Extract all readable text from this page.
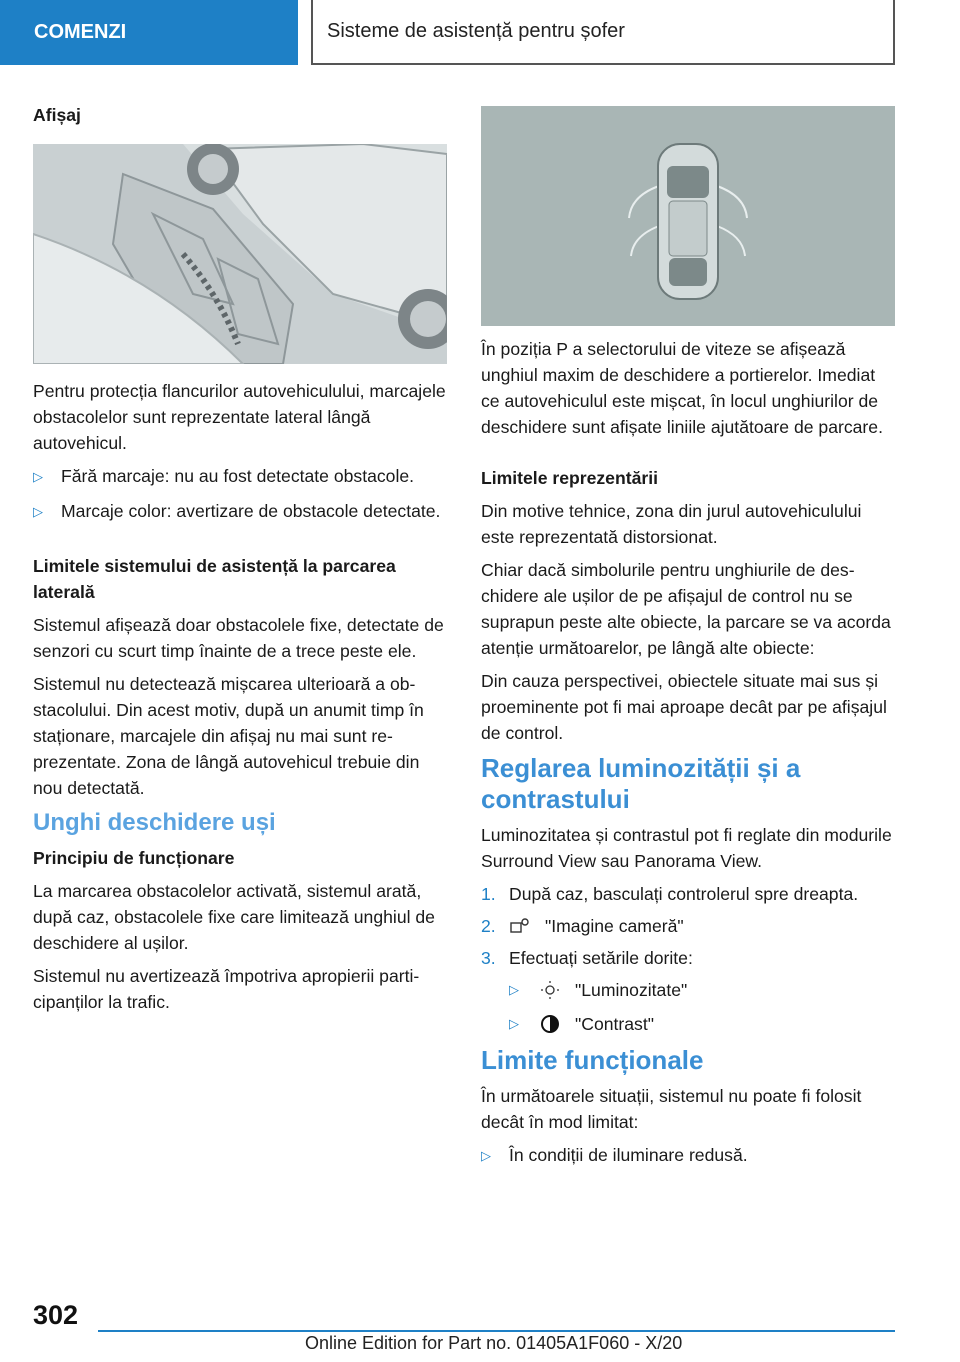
COMENZI	Sisteme de asistență pentru șofer

Afișaj

Pentru protecția flancurilor autovehiculului, marcajele obstacolelor sunt reprezentate lateral lângă autovehicul.

▷	Fără marcaje: nu au fost detectate obstacole.
▷	Marcaje color: avertizare de obstacole detectate.

Limitele sistemului de asistență la parcarea laterală

Sistemul afișează doar obstacolele fixe, detectate de senzori cu scurt timp înainte de a trece peste ele.

Sistemul nu detectează mișcarea ulterioară a obstacolului. Din acest motiv, după un anumit timp în staționare, marcajele din afișaj nu mai sunt reprezentate. Zona de lângă autovehicul trebuie din nou detectată.

Unghi deschidere uși

Principiu de funcționare

La marcarea obstacolelor activată, sistemul arată, după caz, obstacolele fixe care limitează unghiul de deschidere al ușilor.

Sistemul nu avertizează împotriva apropierii participanților la trafic.

În poziția P a selectorului de viteze se afișează unghiul maxim de deschidere a portierelor. Imediat ce autovehiculul este mișcat, în locul unghiurilor de deschidere sunt afișate liniile ajutătoare de parcare.

Limitele reprezentării

Din motive tehnice, zona din jurul autovehiculului este reprezentată distorsionat.

Chiar dacă simbolurile pentru unghiurile de deschidere ale ușilor de pe afișajul de control nu se suprapun peste alte obiecte, la parcare se va acorda atenție următoarelor, pe lângă alte obiecte:

Din cauza perspectivei, obiectele situate mai sus și proeminente pot fi mai aproape decât par pe afișajul de control.

Reglarea luminozității și a contrastului

Luminozitatea și contrastul pot fi reglate din modurile Surround View sau Panorama View.

1. După caz, basculați controlerul spre dreapta.
2.	"Imagine cameră"
3. Efectuați setările dorite:
▷	"Luminozitate"
▷	"Contrast"

Limite funcționale

În următoarele situații, sistemul nu poate fi folosit decât în mod limitat:

▷	În condiții de iluminare redusă.
302
Online Edition for Part no. 01405A1F060 - X/20
